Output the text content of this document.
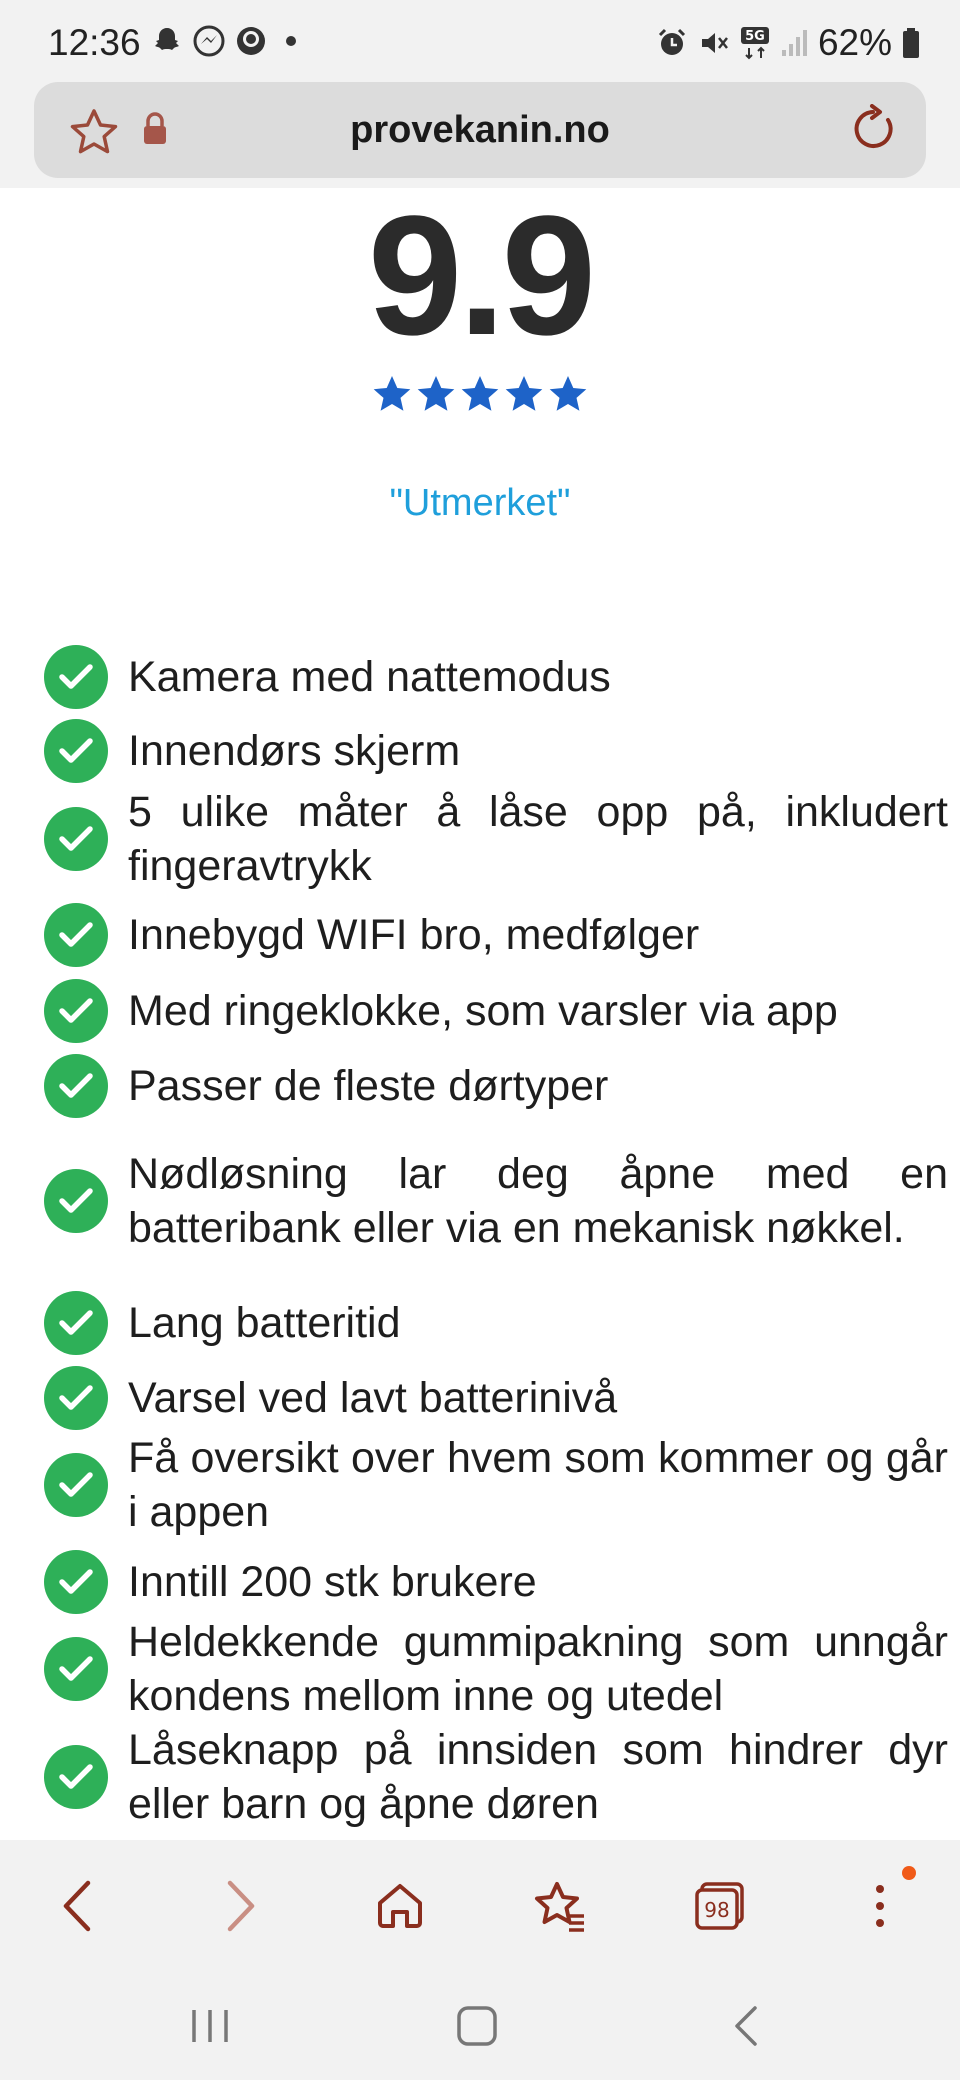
12:36	5G 62%
provekanin.no
9.9
"Utmerket"
Kamera med nattemodus
Innendørs skjerm
5 ulike måter å låse opp på, inkludert fingeravtrykk
Innebygd WIFI bro, medfølger
Med ringeklokke, som varsler via app
Passer de fleste dørtyper
Nødløsning lar deg åpne med en batteribank eller via en mekanisk nøkkel.
Lang batteritid
Varsel ved lavt batterinivå
Få oversikt over hvem som kommer og går i appen
Inntill 200 stk brukere
Heldekkende gummipakning som unngår kondens mellom inne og utedel
Låseknapp på innsiden som hindrer dyr eller barn og åpne døren
98
